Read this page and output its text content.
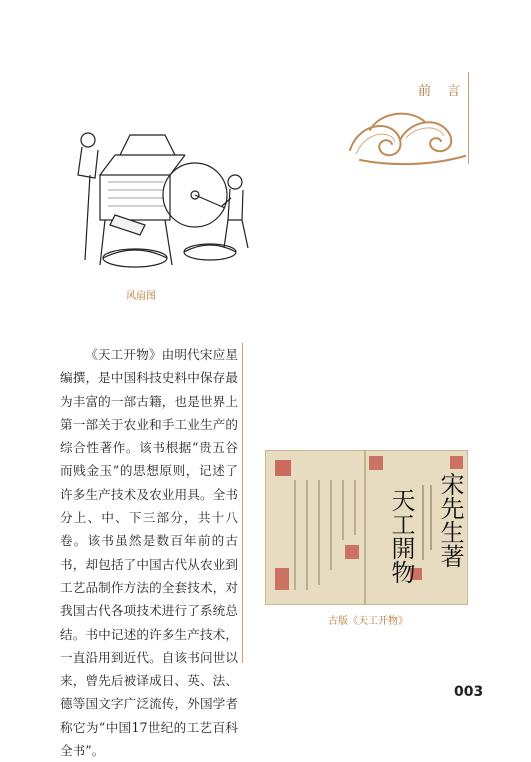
前 言
风扇图
《天工开物》由明代宋应星编撰，是中国科技史料中保存最为丰富的一部古籍，也是世界上第一部关于农业和手工业生产的综合性著作。该书根据“贵五谷而贱金玉”的思想原则，记述了许多生产技术及农业用具。全书分上、中、下三部分，共十八卷。该书虽然是数百年前的古书，却包括了中国古代从农业到工艺品制作方法的全套技术，对我国古代各项技术进行了系统总结。书中记述的许多生产技术，一直沿用到近代。自该书问世以来，曾先后被译成日、英、法、德等国文字广泛流传，外国学者称它为“中国17世纪的工艺百科全书”。
宋先生著
天工開物
古版《天工开物》
003
